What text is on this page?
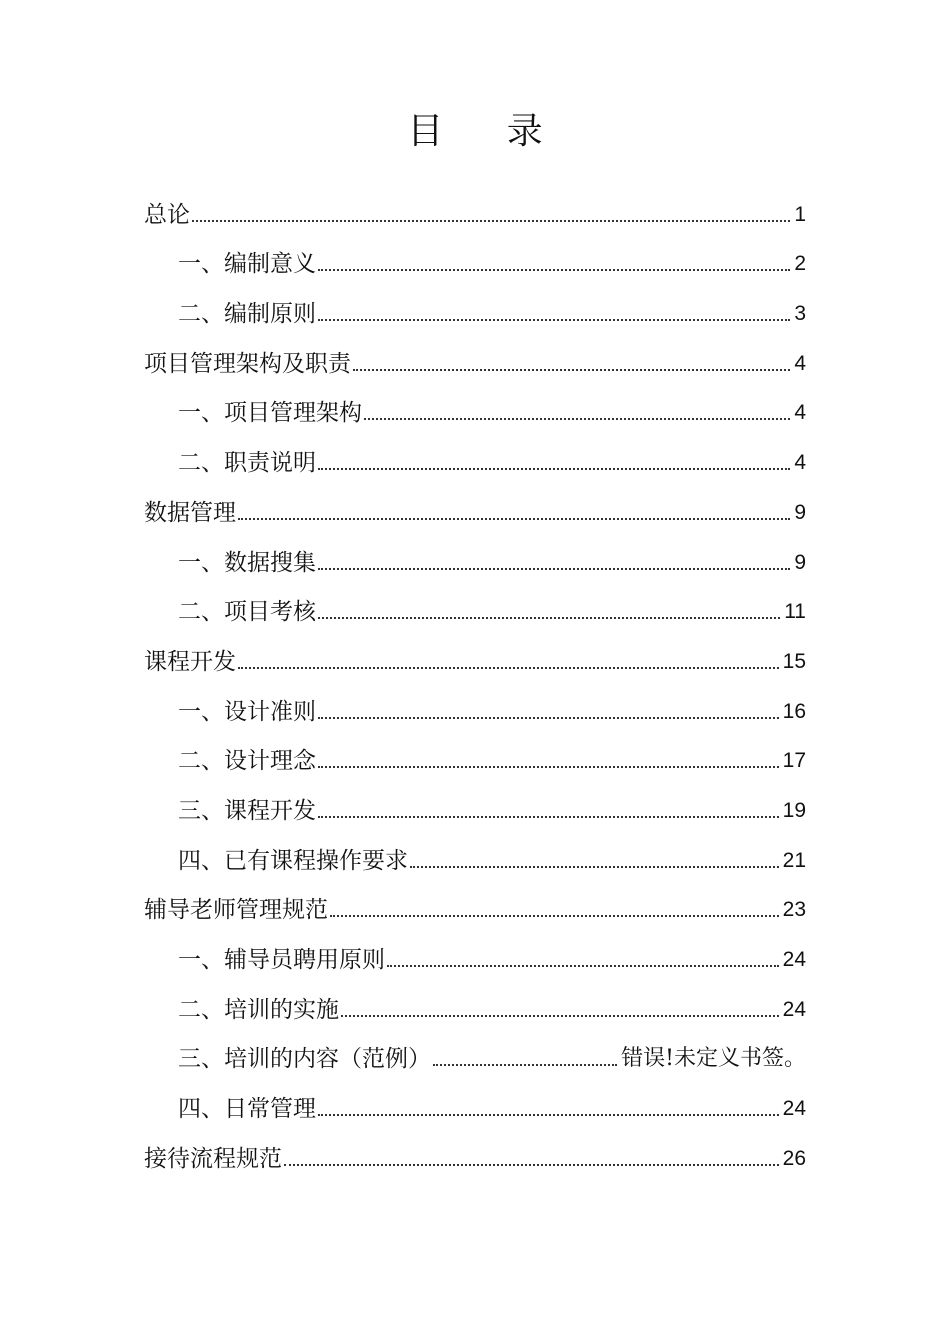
目 录
总论	1
一、编制意义	2
二、编制原则	3
项目管理架构及职责	4
一、项目管理架构	4
二、职责说明	4
数据管理	9
一、数据搜集	9
二、项目考核	11
课程开发	15
一、设计准则	16
二、设计理念	17
三、课程开发	19
四、已有课程操作要求	21
辅导老师管理规范	23
一、辅导员聘用原则	24
二、培训的实施	24
三、培训的内容（范例）	错误!未定义书签。
四、日常管理	24
接待流程规范	26
